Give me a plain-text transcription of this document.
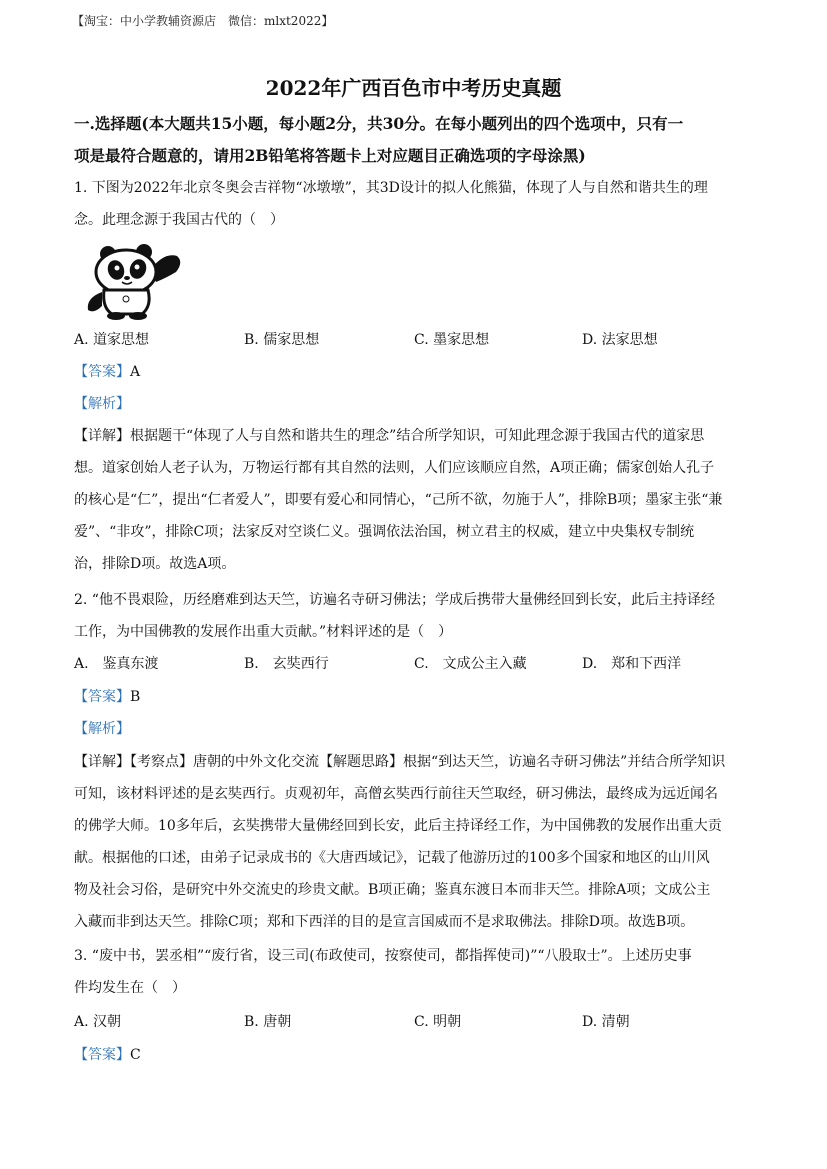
【淘宝：中小学教辅资源店　微信：mlxt2022】
2022年广西百色市中考历史真题
一.选择题(本大题共15小题，每小题2分，共30分。在每小题列出的四个选项中，只有一
项是最符合题意的，请用2B铅笔将答题卡上对应题目正确选项的字母涂黑)
1. 下图为2022年北京冬奥会吉祥物“冰墩墩”，其3D设计的拟人化熊猫，体现了人与自然和谐共生的理
念。此理念源于我国古代的（　）
A. 道家思想	B. 儒家思想	C. 墨家思想	D. 法家思想
【答案】A
【解析】
【详解】根据题干“体现了人与自然和谐共生的理念”结合所学知识，可知此理念源于我国古代的道家思
想。道家创始人老子认为，万物运行都有其自然的法则，人们应该顺应自然，A项正确；儒家创始人孔子
的核心是“仁”，提出“仁者爱人”，即要有爱心和同情心，“己所不欲，勿施于人”，排除B项；墨家主张“兼
爱”、“非攻”，排除C项；法家反对空谈仁义。强调依法治国，树立君主的权威，建立中央集权专制统
治，排除D项。故选A项。
2. “他不畏艰险，历经磨难到达天竺，访遍名寺研习佛法；学成后携带大量佛经回到长安，此后主持译经
工作，为中国佛教的发展作出重大贡献。”材料评述的是（　）
A.　鉴真东渡	B.　玄奘西行	C.　文成公主入藏	D.　郑和下西洋
【答案】B
【解析】
【详解】【考察点】唐朝的中外文化交流【解题思路】根据“到达天竺，访遍名寺研习佛法”并结合所学知识
可知，该材料评述的是玄奘西行。贞观初年，高僧玄奘西行前往天竺取经，研习佛法，最终成为远近闻名
的佛学大师。10多年后，玄奘携带大量佛经回到长安，此后主持译经工作，为中国佛教的发展作出重大贡
献。根据他的口述，由弟子记录成书的《大唐西域记》，记载了他游历过的100多个国家和地区的山川风
物及社会习俗，是研究中外交流史的珍贵文献。B项正确；鉴真东渡日本而非天竺。排除A项；文成公主
入藏而非到达天竺。排除C项；郑和下西洋的目的是宣言国威而不是求取佛法。排除D项。故选B项。
3. “废中书，罢丞相”“废行省，设三司(布政使司，按察使司，都指挥使司)”“八股取士”。上述历史事
件均发生在（　）
A. 汉朝	B. 唐朝	C. 明朝	D. 清朝
【答案】C
